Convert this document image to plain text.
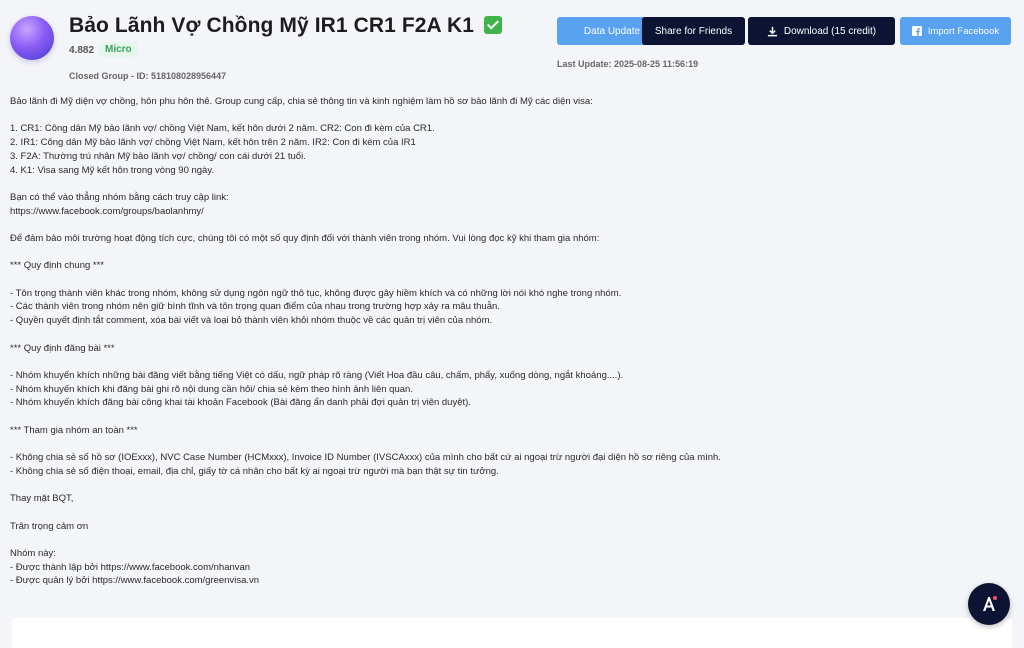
Bảo Lãnh Vợ Chồng Mỹ IR1 CR1 F2A K1
4.882	Micro
Closed Group - ID: 518108028956447
Data Update Share for Friends	Download (15 credit)	Import Facebook
Last Update: 2025-08-25 11:56:19

Bảo lãnh đi Mỹ diện vợ chồng, hôn phu hôn thê. Group cung cấp, chia sẻ thông tin và kinh nghiệm làm hồ sơ bảo lãnh đi Mỹ các diện visa:

1. CR1: Công dân Mỹ bảo lãnh vợ/ chồng Việt Nam, kết hôn dưới 2 năm. CR2: Con đi kèm của CR1.

2. IR1: Công dân Mỹ bảo lãnh vợ/ chồng Việt Nam, kết hôn trên 2 năm. IR2: Con đi kèm của IR1

3. F2A: Thường trú nhân Mỹ bảo lãnh vợ/ chồng/ con cái dưới 21 tuổi.

4. K1: Visa sang Mỹ kết hôn trong vòng 90 ngày.

Bạn có thể vào thẳng nhóm bằng cách truy cập link:

https://www.facebook.com/groups/baolanhmy/

Để đảm bảo môi trường hoạt động tích cực, chúng tôi có một số quy định đối với thành viên trong nhóm. Vui lòng đọc kỹ khi tham gia nhóm:

*** Quy định chung ***

- Tôn trọng thành viên khác trong nhóm, không sử dụng ngôn ngữ thô tục, không được gây hiềm khích và có những lời nói khó nghe trong nhóm.

- Các thành viên trong nhóm nên giữ bình tĩnh và tôn trọng quan điểm của nhau trong trường hợp xảy ra mâu thuẫn.

- Quyền quyết định tắt comment, xóa bài viết và loại bỏ thành viên khỏi nhóm thuộc về các quản trị viên của nhóm.

*** Quy định đăng bài ***

- Nhóm khuyến khích những bài đăng viết bằng tiếng Việt có dấu, ngữ pháp rõ ràng (Viết Hoa đầu câu, chấm, phẩy, xuống dòng, ngắt khoảng....).

- Nhóm khuyến khích khi đăng bài ghi rõ nội dung cần hỏi/ chia sẻ kèm theo hình ảnh liên quan.

- Nhóm khuyến khích đăng bài công khai tài khoản Facebook (Bài đăng ẩn danh phải đợi quản trị viên duyệt).

*** Tham gia nhóm an toàn ***

- Không chia sẻ số hồ sơ (IOExxx), NVC Case Number (HCMxxx), Invoice ID Number (IVSCAxxx) của mình cho bất cứ ai ngoại trừ người đại diện hồ sơ riêng của mình.

- Không chia sẻ số điện thoại, email, địa chỉ, giấy tờ cá nhân cho bất kỳ ai ngoại trừ người mà bạn thật sự tin tưởng.

Thay mặt BQT,

Trân trọng cảm ơn

Nhóm này:

- Được thành lập bởi https://www.facebook.com/nhanvan

- Được quản lý bởi https://www.facebook.com/greenvisa.vn
